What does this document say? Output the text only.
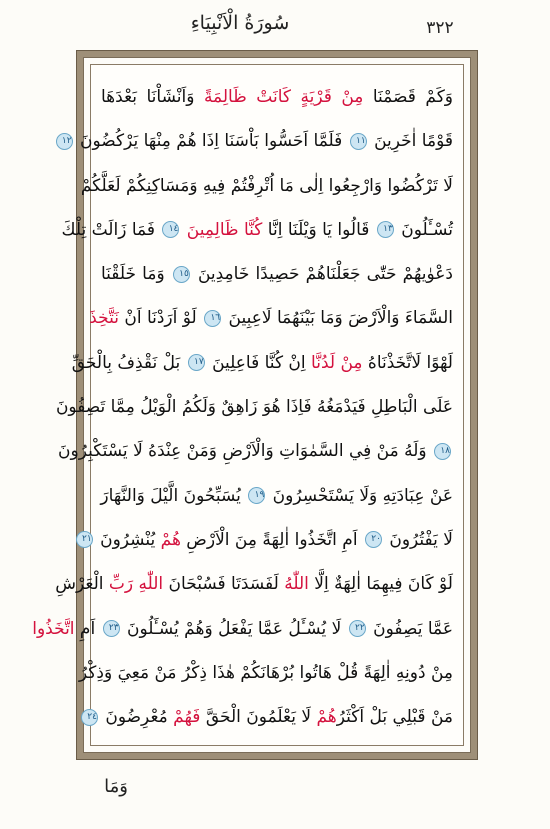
٣٢٢
سُورَةُ الْاَنْبِيَاءِ
وَكَمْ قَصَمْنَا مِنْ قَرْيَةٍ كَانَتْ ظَالِمَةً وَاَنْشَاْنَا بَعْدَهَا
قَوْمًا اٰخَرِينَ ١١ فَلَمَّا اَحَسُّوا بَاْسَنَا اِذَا هُمْ مِنْهَا يَرْكُضُونَ ١٢
لَا تَرْكُضُوا وَارْجِعُوا اِلٰى مَا اُتْرِفْتُمْ فِيهِ وَمَسَاكِنِكُمْ لَعَلَّكُمْ
تُسْـَٔلُونَ ١٣ قَالُوا يَا وَيْلَنَا اِنَّا كُنَّا ظَالِمِينَ ١٤ فَمَا زَالَتْ تِلْكَ
دَعْوٰيهُمْ حَتّٰى جَعَلْنَاهُمْ حَصِيدًا خَامِدِينَ ١٥ وَمَا خَلَقْنَا
السَّمَاءَ وَالْاَرْضَ وَمَا بَيْنَهُمَا لَاعِبِينَ ١٦ لَوْ اَرَدْنَا اَنْ نَتَّخِذَ
لَهْوًا لَاتَّخَذْنَاهُ مِنْ لَدُنَّا اِنْ كُنَّا فَاعِلِينَ ١٧ بَلْ نَقْذِفُ بِالْحَقِّ
عَلَى الْبَاطِلِ فَيَدْمَغُهُ فَاِذَا هُوَ زَاهِقٌ وَلَكُمُ الْوَيْلُ مِمَّا تَصِفُونَ
١٨ وَلَهُ مَنْ فِي السَّمٰوَاتِ وَالْاَرْضِ وَمَنْ عِنْدَهُ لَا يَسْتَكْبِرُونَ
عَنْ عِبَادَتِهِ وَلَا يَسْتَحْسِرُونَ ١٩ يُسَبِّحُونَ الَّيْلَ وَالنَّهَارَ
لَا يَفْتُرُونَ ٢٠ اَمِ اتَّخَذُوا اٰلِهَةً مِنَ الْاَرْضِ هُمْ يُنْشِرُونَ ٢١
لَوْ كَانَ فِيهِمَا اٰلِهَةٌ اِلَّا اللّٰهُ لَفَسَدَتَا فَسُبْحَانَ اللّٰهِ رَبِّ الْعَرْشِ
عَمَّا يَصِفُونَ ٢٢ لَا يُسْـَٔلُ عَمَّا يَفْعَلُ وَهُمْ يُسْـَٔلُونَ ٢٣ اَمِ اتَّخَذُوا
مِنْ دُونِهِ اٰلِهَةً قُلْ هَاتُوا بُرْهَانَكُمْ هٰذَا ذِكْرُ مَنْ مَعِيَ وَذِكْرُ
مَنْ قَبْلِي بَلْ اَكْثَرُهُمْ لَا يَعْلَمُونَ الْحَقَّ فَهُمْ مُعْرِضُونَ ٢٤
وَمَا
